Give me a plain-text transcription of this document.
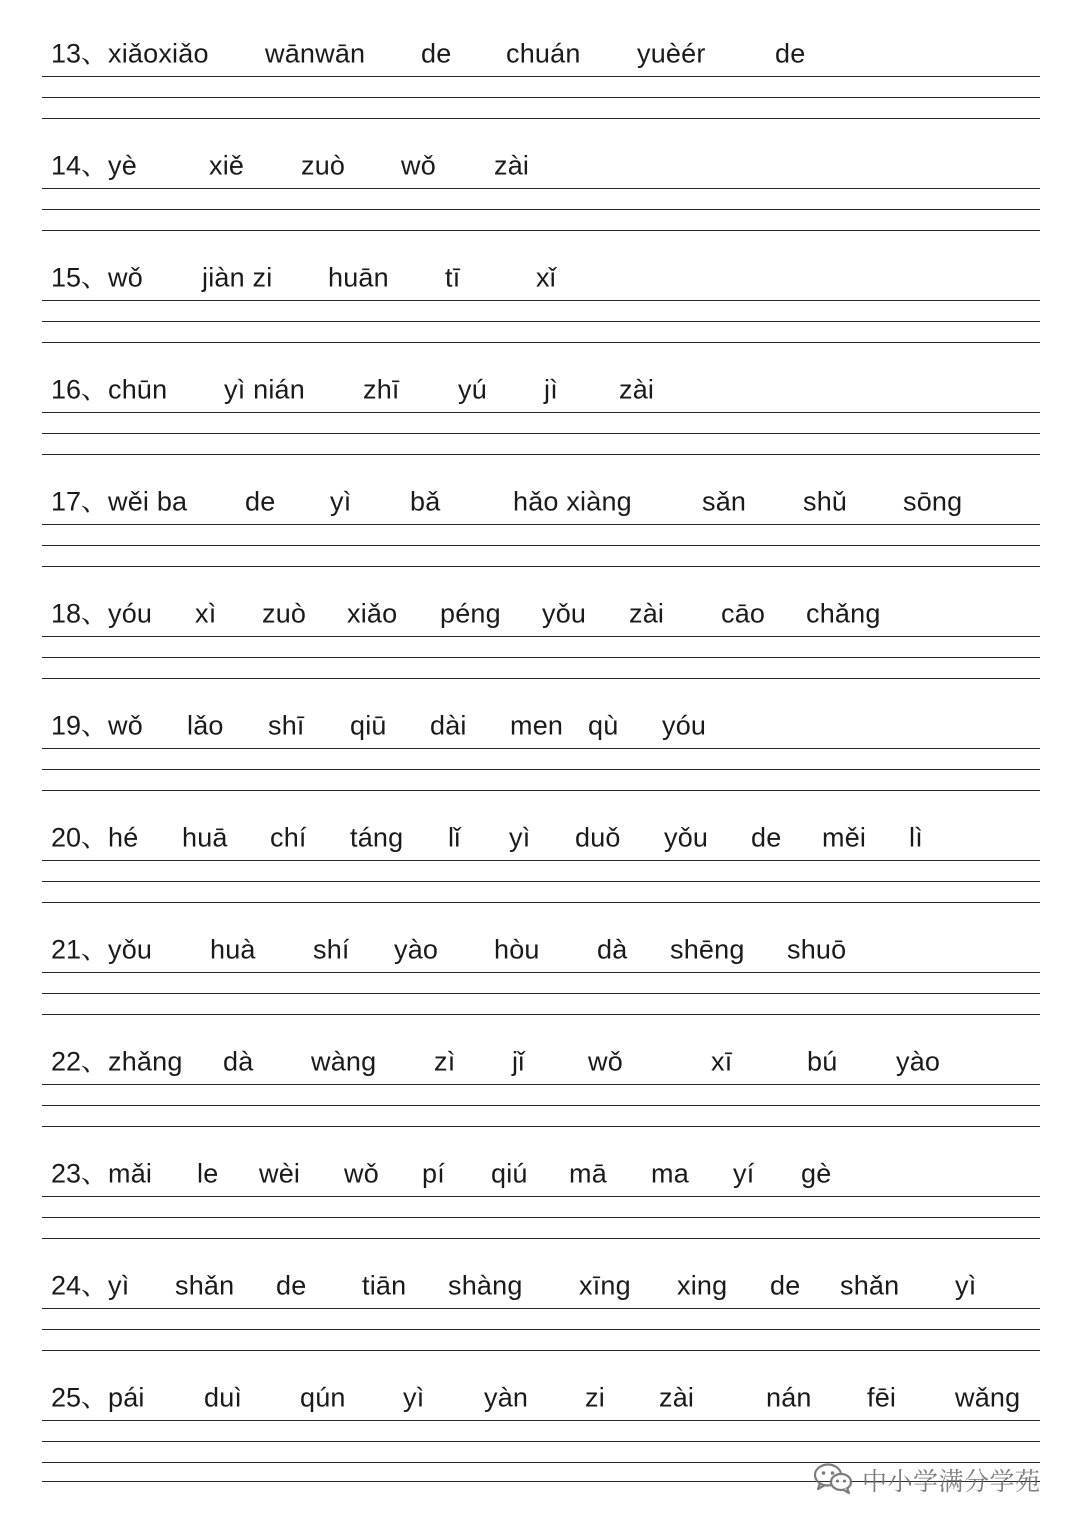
13、 xiǎoxiǎo wānwān de chuán yuèér	de
14、 yè	xiě zuò wǒ zài
15、 wǒ jiàn zi huān tī	xǐ
16、 chūn yì nián zhī yú jì zài
17、 wěi ba de yì bǎ	hǎo xiàng	sǎn shǔ sōng
18、 yóu xì zuò xiǎo péng yǒu zài cāo chǎng
19、 wǒ lǎo shī qiū dài men qù yóu
20、 hé huā chí táng lǐ yì duǒ yǒu de měi lì
21、 yǒu huà shí yào hòu dà shēng shuō
22、 zhǎng dà wàng zì jǐ wǒ	xī	bú yào
23、 mǎi le wèi wǒ pí qiú mā ma yí gè
24、 yì shǎn de tiān shàng xīng xing de shǎn yì
25、 pái duì qún yì yàn zi zài	nán fēi wǎng
中小学满分学苑
